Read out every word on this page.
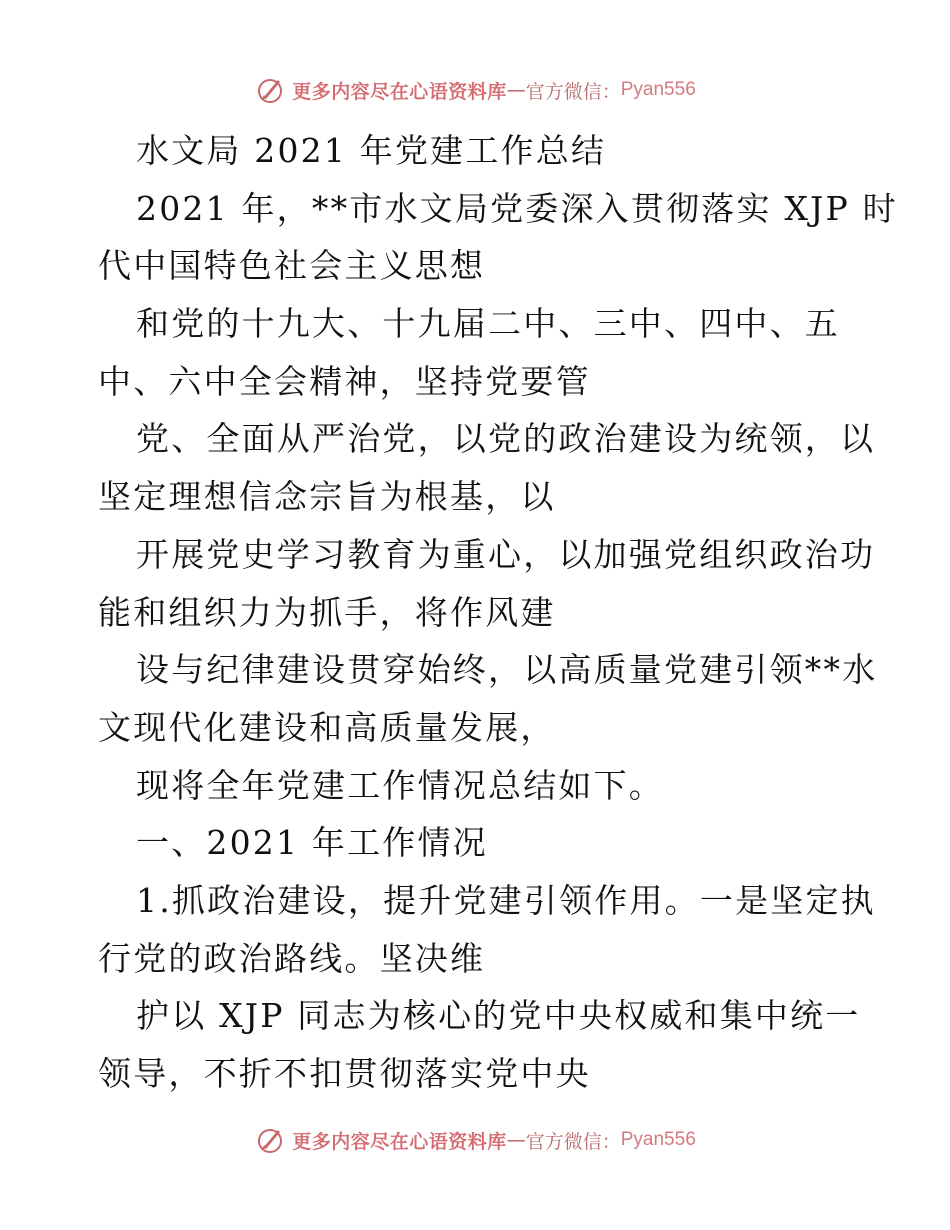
更多内容尽在心语资料库 — 官方微信： Pyan556
水文局 2021 年党建工作总结
2021 年，**市水文局党委深入贯彻落实 XJP 时
代中国特色社会主义思想
和党的十九大、十九届二中、三中、四中、五
中、六中全会精神，坚持党要管
党、全面从严治党，以党的政治建设为统领，以
坚定理想信念宗旨为根基，以
开展党史学习教育为重心，以加强党组织政治功
能和组织力为抓手，将作风建
设与纪律建设贯穿始终，以高质量党建引领**水
文现代化建设和高质量发展，
现将全年党建工作情况总结如下。
一、2021 年工作情况
1.抓政治建设，提升党建引领作用。一是坚定执
行党的政治路线。坚决维
护以 XJP 同志为核心的党中央权威和集中统一
领导，不折不扣贯彻落实党中央
更多内容尽在心语资料库 — 官方微信： Pyan556
